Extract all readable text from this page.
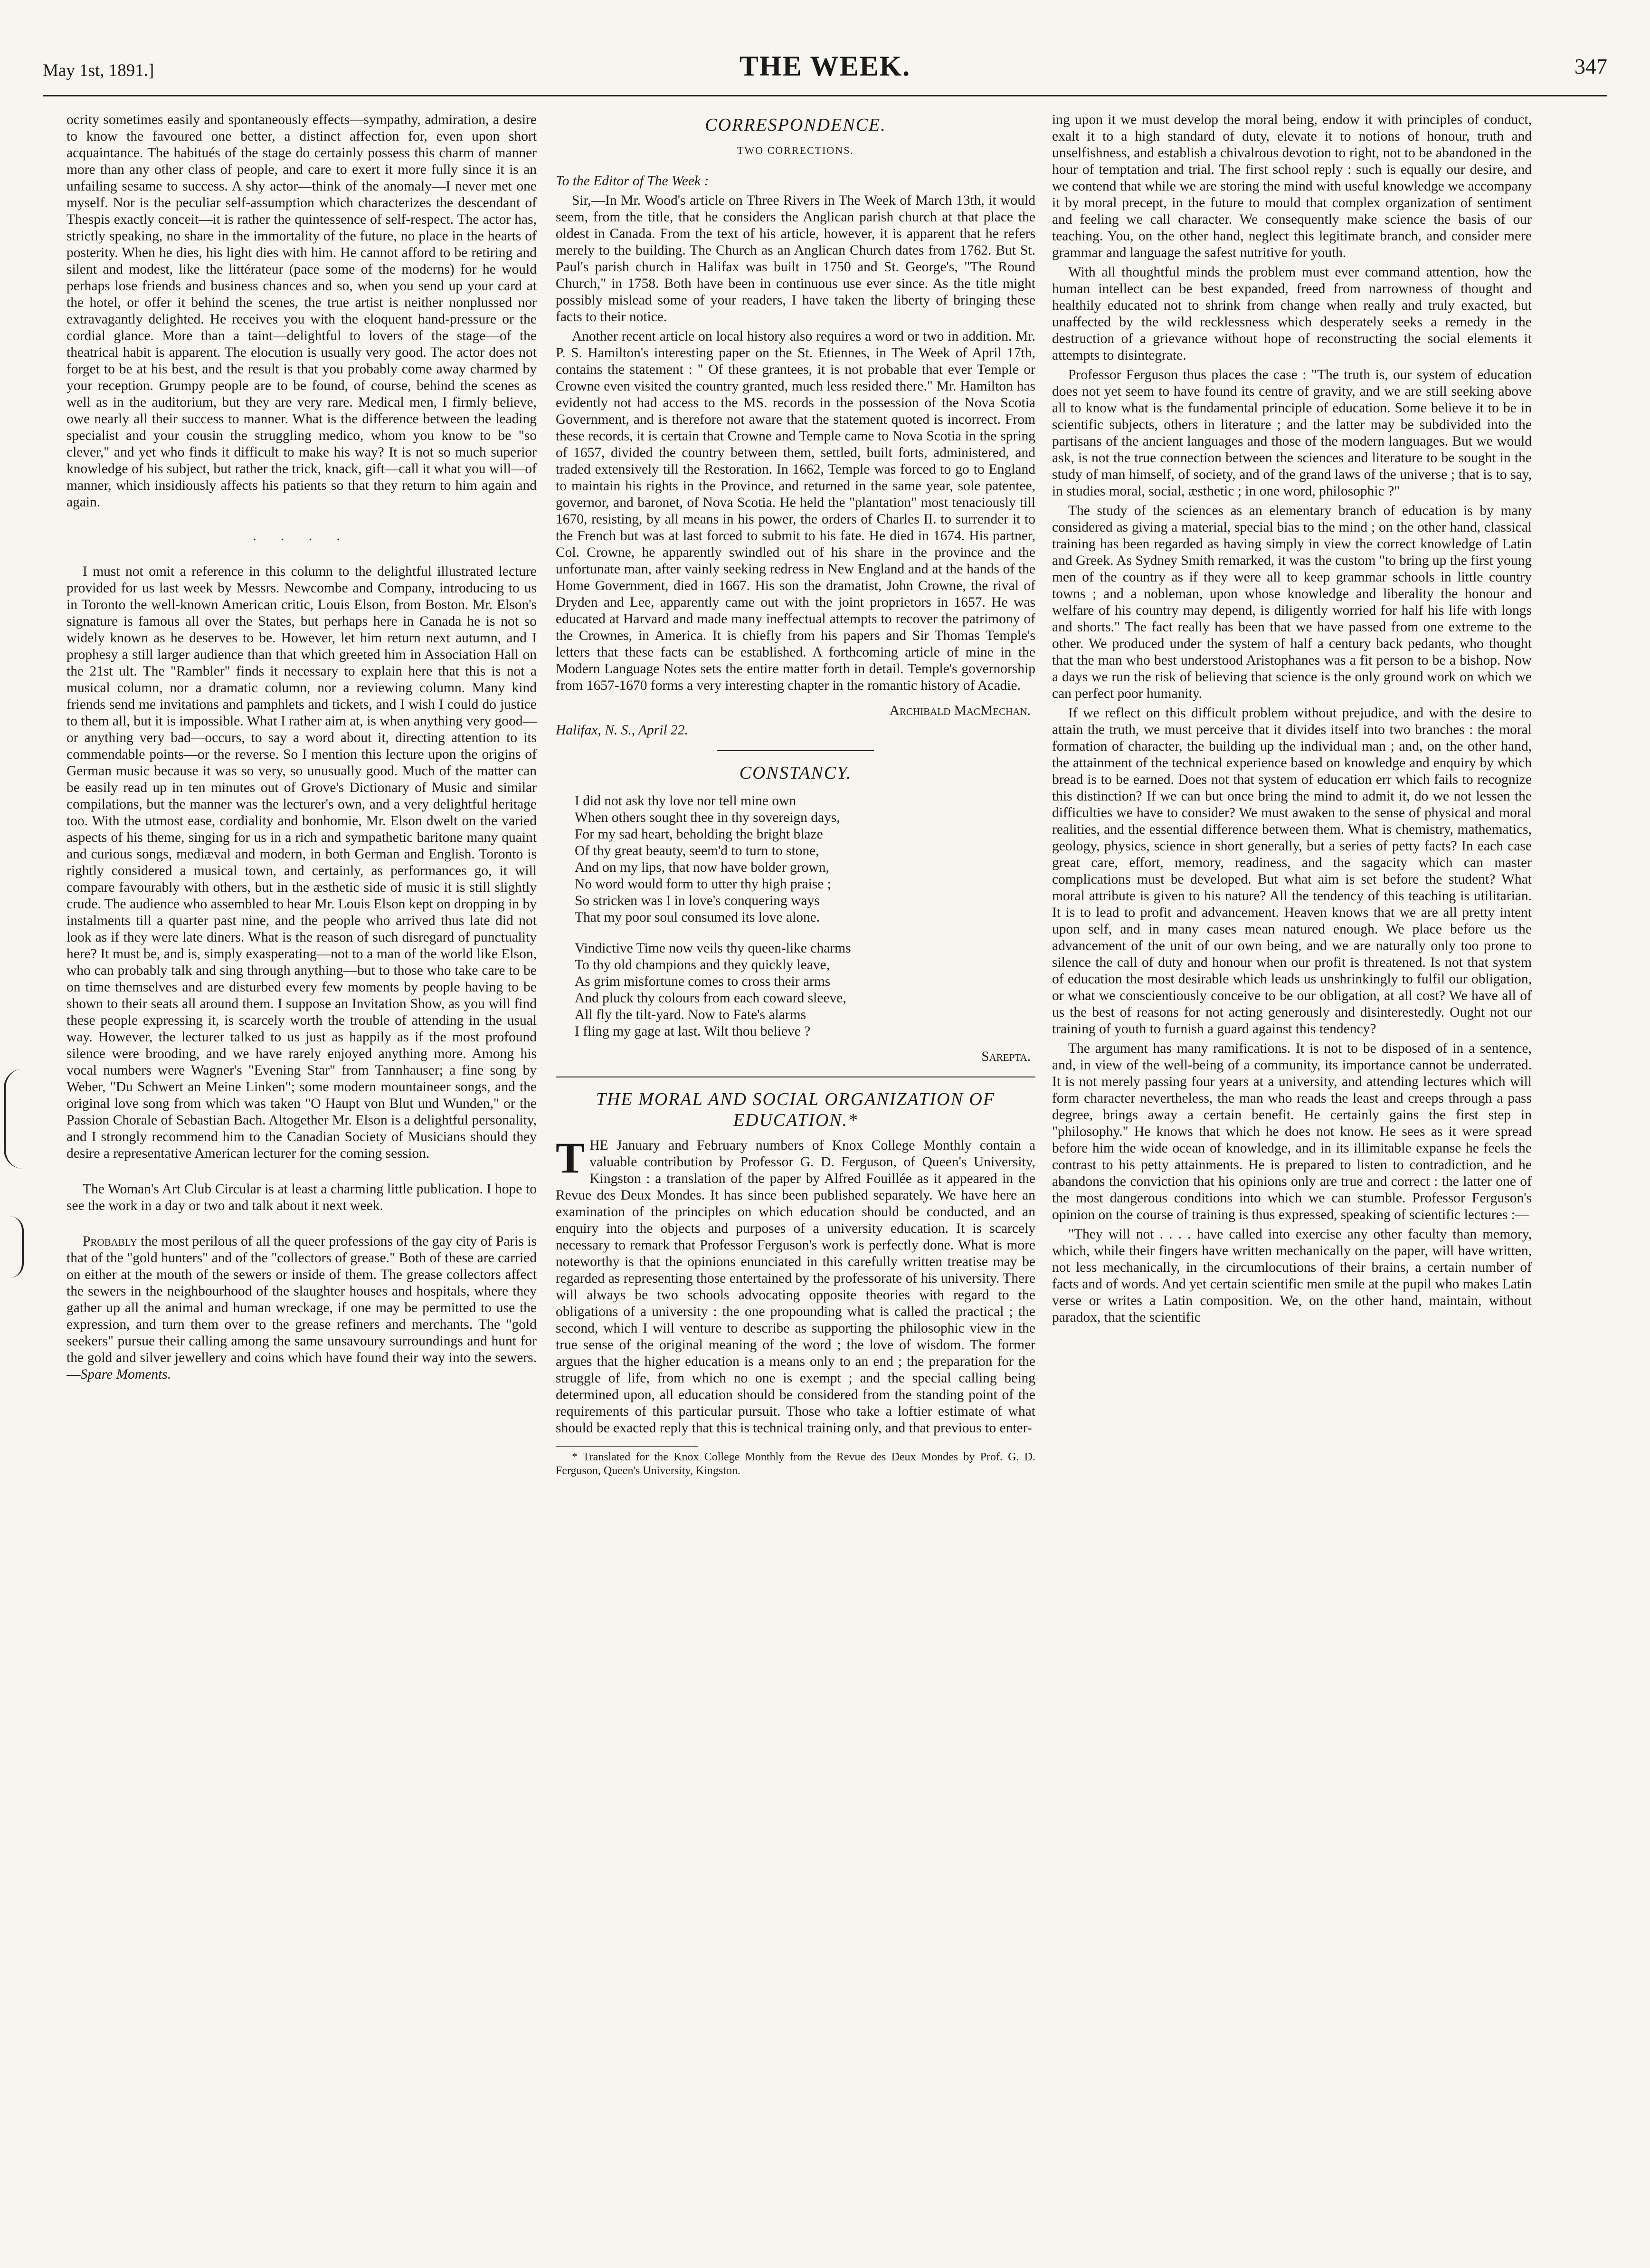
May 1st, 1891.]	THE WEEK.	347

ocrity sometimes easily and spontaneously effects—sympathy, admiration, a desire to know the favoured one better, a distinct affection for, even upon short acquaintance. The habitués of the stage do certainly possess this charm of manner more than any other class of people, and care to exert it more fully since it is an unfailing sesame to success. A shy actor—think of the anomaly—I never met one myself. Nor is the peculiar self-assumption which characterizes the descendant of Thespis exactly conceit—it is rather the quintessence of self-respect. The actor has, strictly speaking, no share in the immortality of the future, no place in the hearts of posterity. When he dies, his light dies with him. He cannot afford to be retiring and silent and modest, like the littérateur (pace some of the moderns) for he would perhaps lose friends and business chances and so, when you send up your card at the hotel, or offer it behind the scenes, the true artist is neither nonplussed nor extravagantly delighted. He receives you with the eloquent hand-pressure or the cordial glance. More than a taint—delightful to lovers of the stage—of the theatrical habit is apparent. The elocution is usually very good. The actor does not forget to be at his best, and the result is that you probably come away charmed by your reception. Grumpy people are to be found, of course, behind the scenes as well as in the auditorium, but they are very rare. Medical men, I firmly believe, owe nearly all their success to manner. What is the difference between the leading specialist and your cousin the struggling medico, whom you know to be "so clever," and yet who finds it difficult to make his way? It is not so much superior knowledge of his subject, but rather the trick, knack, gift—call it what you will—of manner, which insidiously affects his patients so that they return to him again and again.

. . . .

I must not omit a reference in this column to the delightful illustrated lecture provided for us last week by Messrs. Newcombe and Company, introducing to us in Toronto the well-known American critic, Louis Elson, from Boston. Mr. Elson's signature is famous all over the States, but perhaps here in Canada he is not so widely known as he deserves to be. However, let him return next autumn, and I prophesy a still larger audience than that which greeted him in Association Hall on the 21st ult. The "Rambler" finds it necessary to explain here that this is not a musical column, nor a dramatic column, nor a reviewing column. Many kind friends send me invitations and pamphlets and tickets, and I wish I could do justice to them all, but it is impossible. What I rather aim at, is when anything very good—or anything very bad—occurs, to say a word about it, directing attention to its commendable points—or the reverse. So I mention this lecture upon the origins of German music because it was so very, so unusually good. Much of the matter can be easily read up in ten minutes out of Grove's Dictionary of Music and similar compilations, but the manner was the lecturer's own, and a very delightful heritage too. With the utmost ease, cordiality and bonhomie, Mr. Elson dwelt on the varied aspects of his theme, singing for us in a rich and sympathetic baritone many quaint and curious songs, mediæval and modern, in both German and English. Toronto is rightly considered a musical town, and certainly, as performances go, it will compare favourably with others, but in the æsthetic side of music it is still slightly crude. The audience who assembled to hear Mr. Louis Elson kept on dropping in by instalments till a quarter past nine, and the people who arrived thus late did not look as if they were late diners. What is the reason of such disregard of punctuality here? It must be, and is, simply exasperating—not to a man of the world like Elson, who can probably talk and sing through anything—but to those who take care to be on time themselves and are disturbed every few moments by people having to be shown to their seats all around them. I suppose an Invitation Show, as you will find these people expressing it, is scarcely worth the trouble of attending in the usual way. However, the lecturer talked to us just as happily as if the most profound silence were brooding, and we have rarely enjoyed anything more. Among his vocal numbers were Wagner's "Evening Star" from Tannhauser; a fine song by Weber, "Du Schwert an Meine Linken"; some modern mountaineer songs, and the original love song from which was taken "O Haupt von Blut und Wunden," or the Passion Chorale of Sebastian Bach. Altogether Mr. Elson is a delightful personality, and I strongly recommend him to the Canadian Society of Musicians should they desire a representative American lecturer for the coming session.

The Woman's Art Club Circular is at least a charming little publication. I hope to see the work in a day or two and talk about it next week.

Probably the most perilous of all the queer professions of the gay city of Paris is that of the "gold hunters" and of the "collectors of grease." Both of these are carried on either at the mouth of the sewers or inside of them. The grease collectors affect the sewers in the neighbourhood of the slaughter houses and hospitals, where they gather up all the animal and human wreckage, if one may be permitted to use the expression, and turn them over to the grease refiners and merchants. The "gold seekers" pursue their calling among the same unsavoury surroundings and hunt for the gold and silver jewellery and coins which have found their way into the sewers.—Spare Moments.

CORRESPONDENCE.
TWO CORRECTIONS.

To the Editor of The Week :

Sir,—In Mr. Wood's article on Three Rivers in The Week of March 13th, it would seem, from the title, that he considers the Anglican parish church at that place the oldest in Canada. From the text of his article, however, it is apparent that he refers merely to the building. The Church as an Anglican Church dates from 1762. But St. Paul's parish church in Halifax was built in 1750 and St. George's, "The Round Church," in 1758. Both have been in continuous use ever since. As the title might possibly mislead some of your readers, I have taken the liberty of bringing these facts to their notice.

Another recent article on local history also requires a word or two in addition. Mr. P. S. Hamilton's interesting paper on the St. Etiennes, in The Week of April 17th, contains the statement : " Of these grantees, it is not probable that ever Temple or Crowne even visited the country granted, much less resided there." Mr. Hamilton has evidently not had access to the MS. records in the possession of the Nova Scotia Government, and is therefore not aware that the statement quoted is incorrect. From these records, it is certain that Crowne and Temple came to Nova Scotia in the spring of 1657, divided the country between them, settled, built forts, administered, and traded extensively till the Restoration. In 1662, Temple was forced to go to England to maintain his rights in the Province, and returned in the same year, sole patentee, governor, and baronet, of Nova Scotia. He held the "plantation" most tenaciously till 1670, resisting, by all means in his power, the orders of Charles II. to surrender it to the French but was at last forced to submit to his fate. He died in 1674. His partner, Col. Crowne, he apparently swindled out of his share in the province and the unfortunate man, after vainly seeking redress in New England and at the hands of the Home Government, died in 1667. His son the dramatist, John Crowne, the rival of Dryden and Lee, apparently came out with the joint proprietors in 1657. He was educated at Harvard and made many ineffectual attempts to recover the patrimony of the Crownes, in America. It is chiefly from his papers and Sir Thomas Temple's letters that these facts can be established. A forthcoming article of mine in the Modern Language Notes sets the entire matter forth in detail. Temple's governorship from 1657-1670 forms a very interesting chapter in the romantic history of Acadie.

Archibald MacMechan.

Halifax, N. S., April 22.

CONSTANCY.

I did not ask thy love nor tell mine own

When others sought thee in thy sovereign days,

For my sad heart, beholding the bright blaze

Of thy great beauty, seem'd to turn to stone,

And on my lips, that now have bolder grown,

No word would form to utter thy high praise ;

So stricken was I in love's conquering ways

That my poor soul consumed its love alone.

Vindictive Time now veils thy queen-like charms

To thy old champions and they quickly leave,

As grim misfortune comes to cross their arms

And pluck thy colours from each coward sleeve,

All fly the tilt-yard. Now to Fate's alarms

I fling my gage at last. Wilt thou believe ?

Sarepta.
THE MORAL AND SOCIAL ORGANIZATION OF EDUCATION.*

THE January and February numbers of Knox College Monthly contain a valuable contribution by Professor G. D. Ferguson, of Queen's University, Kingston : a translation of the paper by Alfred Fouillée as it appeared in the Revue des Deux Mondes. It has since been published separately. We have here an examination of the principles on which education should be conducted, and an enquiry into the objects and purposes of a university education. It is scarcely necessary to remark that Professor Ferguson's work is perfectly done. What is more noteworthy is that the opinions enunciated in this carefully written treatise may be regarded as representing those entertained by the professorate of his university. There will always be two schools advocating opposite theories with regard to the obligations of a university : the one propounding what is called the practical ; the second, which I will venture to describe as supporting the philosophic view in the true sense of the original meaning of the word ; the love of wisdom. The former argues that the higher education is a means only to an end ; the preparation for the struggle of life, from which no one is exempt ; and the special calling being determined upon, all education should be considered from the standing point of the requirements of this particular pursuit. Those who take a loftier estimate of what should be exacted reply that this is technical training only, and that previous to enter-

* Translated for the Knox College Monthly from the Revue des Deux Mondes by Prof. G. D. Ferguson, Queen's University, Kingston.

ing upon it we must develop the moral being, endow it with principles of conduct, exalt it to a high standard of duty, elevate it to notions of honour, truth and unselfishness, and establish a chivalrous devotion to right, not to be abandoned in the hour of temptation and trial. The first school reply : such is equally our desire, and we contend that while we are storing the mind with useful knowledge we accompany it by moral precept, in the future to mould that complex organization of sentiment and feeling we call character. We consequently make science the basis of our teaching. You, on the other hand, neglect this legitimate branch, and consider mere grammar and language the safest nutritive for youth.

With all thoughtful minds the problem must ever command attention, how the human intellect can be best expanded, freed from narrowness of thought and healthily educated not to shrink from change when really and truly exacted, but unaffected by the wild recklessness which desperately seeks a remedy in the destruction of a grievance without hope of reconstructing the social elements it attempts to disintegrate.

Professor Ferguson thus places the case : "The truth is, our system of education does not yet seem to have found its centre of gravity, and we are still seeking above all to know what is the fundamental principle of education. Some believe it to be in scientific subjects, others in literature ; and the latter may be subdivided into the partisans of the ancient languages and those of the modern languages. But we would ask, is not the true connection between the sciences and literature to be sought in the study of man himself, of society, and of the grand laws of the universe ; that is to say, in studies moral, social, æsthetic ; in one word, philosophic ?"

The study of the sciences as an elementary branch of education is by many considered as giving a material, special bias to the mind ; on the other hand, classical training has been regarded as having simply in view the correct knowledge of Latin and Greek. As Sydney Smith remarked, it was the custom "to bring up the first young men of the country as if they were all to keep grammar schools in little country towns ; and a nobleman, upon whose knowledge and liberality the honour and welfare of his country may depend, is diligently worried for half his life with longs and shorts." The fact really has been that we have passed from one extreme to the other. We produced under the system of half a century back pedants, who thought that the man who best understood Aristophanes was a fit person to be a bishop. Now a days we run the risk of believing that science is the only ground work on which we can perfect poor humanity.

If we reflect on this difficult problem without prejudice, and with the desire to attain the truth, we must perceive that it divides itself into two branches : the moral formation of character, the building up the individual man ; and, on the other hand, the attainment of the technical experience based on knowledge and enquiry by which bread is to be earned. Does not that system of education err which fails to recognize this distinction? If we can but once bring the mind to admit it, do we not lessen the difficulties we have to consider? We must awaken to the sense of physical and moral realities, and the essential difference between them. What is chemistry, mathematics, geology, physics, science in short generally, but a series of petty facts? In each case great care, effort, memory, readiness, and the sagacity which can master complications must be developed. But what aim is set before the student? What moral attribute is given to his nature? All the tendency of this teaching is utilitarian. It is to lead to profit and advancement. Heaven knows that we are all pretty intent upon self, and in many cases mean natured enough. We place before us the advancement of the unit of our own being, and we are naturally only too prone to silence the call of duty and honour when our profit is threatened. Is not that system of education the most desirable which leads us unshrinkingly to fulfil our obligation, or what we conscientiously conceive to be our obligation, at all cost? We have all of us the best of reasons for not acting generously and disinterestedly. Ought not our training of youth to furnish a guard against this tendency?

The argument has many ramifications. It is not to be disposed of in a sentence, and, in view of the well-being of a community, its importance cannot be underrated. It is not merely passing four years at a university, and attending lectures which will form character nevertheless, the man who reads the least and creeps through a pass degree, brings away a certain benefit. He certainly gains the first step in "philosophy." He knows that which he does not know. He sees as it were spread before him the wide ocean of knowledge, and in its illimitable expanse he feels the contrast to his petty attainments. He is prepared to listen to contradiction, and he abandons the conviction that his opinions only are true and correct : the latter one of the most dangerous conditions into which we can stumble. Professor Ferguson's opinion on the course of training is thus expressed, speaking of scientific lectures :—

"They will not . . . . have called into exercise any other faculty than memory, which, while their fingers have written mechanically on the paper, will have written, not less mechanically, in the circumlocutions of their brains, a certain number of facts and of words. And yet certain scientific men smile at the pupil who makes Latin verse or writes a Latin composition. We, on the other hand, maintain, without paradox, that the scientific
